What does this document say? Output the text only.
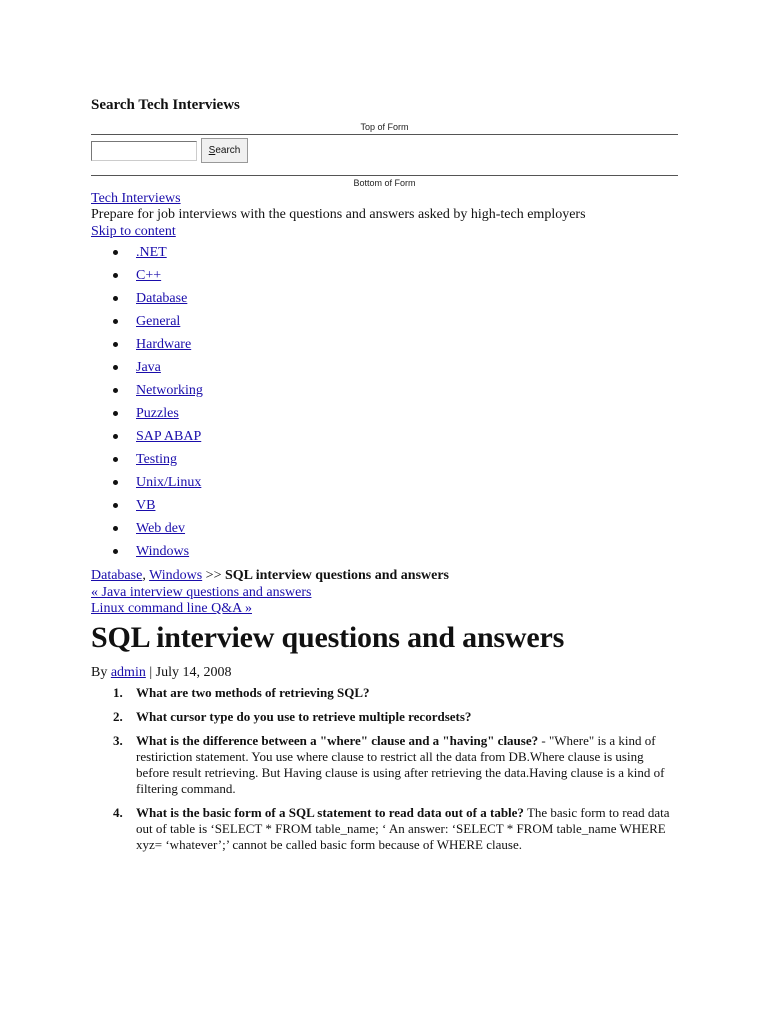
Search Tech Interviews
Top of Form
S earch
Bottom of Form
Tech Interviews
Prepare for job interviews with the questions and answers asked by high-tech employers
Skip to content
.NET
C++
Database
General
Hardware
Java
Networking
Puzzles
SAP ABAP
Testing
Unix/Linux
VB
Web dev
Windows
Database, Windows >> SQL interview questions and answers
« Java interview questions and answers
Linux command line Q&A »
SQL interview questions and answers
By admin | July 14, 2008
1. What are two methods of retrieving SQL?
2. What cursor type do you use to retrieve multiple recordsets?
3. What is the difference between a "where" clause and a "having" clause? - "Where" is a kind of restiriction statement. You use where clause to restrict all the data from DB.Where clause is using before result retrieving. But Having clause is using after retrieving the data.Having clause is a kind of filtering command.
4. What is the basic form of a SQL statement to read data out of a table? The basic form to read data out of table is ‘SELECT * FROM table_name; ‘ An answer: ‘SELECT * FROM table_name WHERE xyz= ‘whatever’;’ cannot be called basic form because of WHERE clause.
